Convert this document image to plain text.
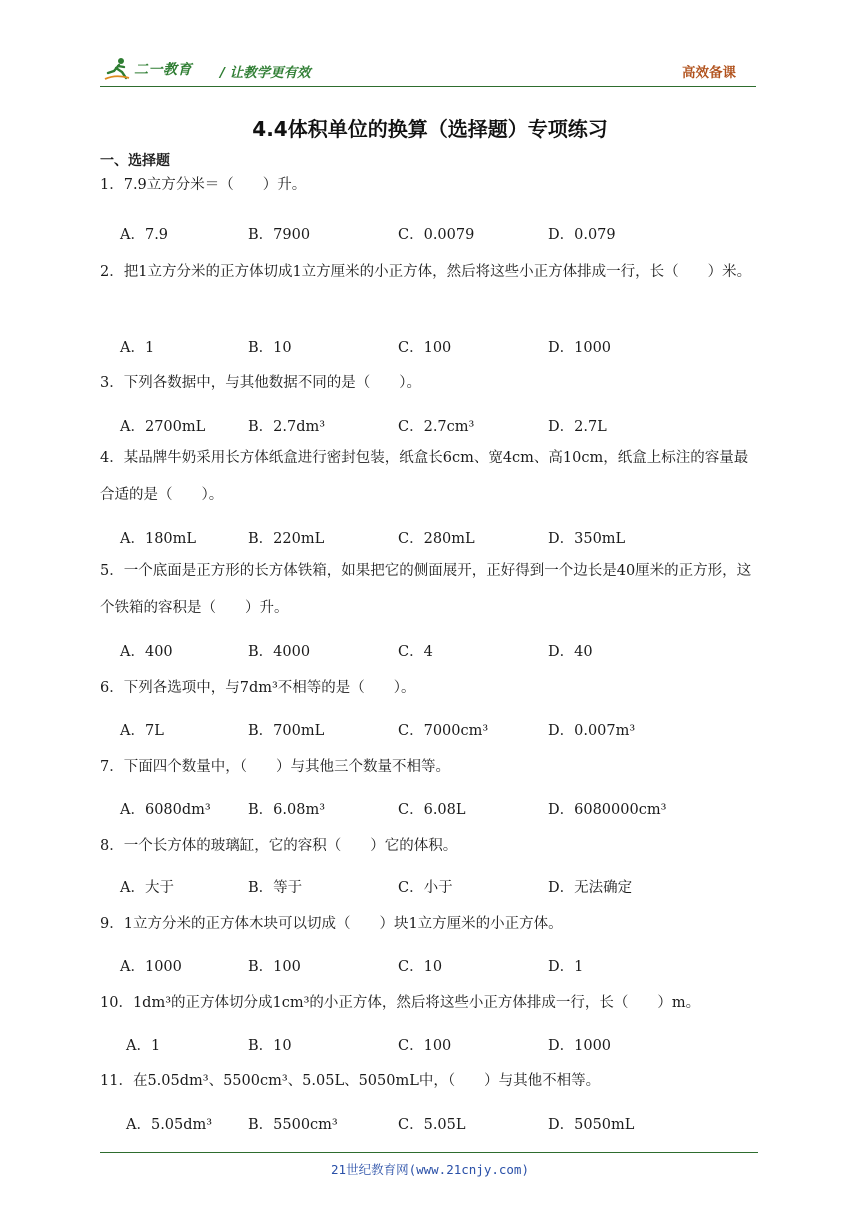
二一教育 / 让教学更有效	高效备课
4.4体积单位的换算（选择题）专项练习
一、选择题
1．7.9立方分米＝（　　）升。
A．7.9	B．7900	C．0.0079	D．0.079
2．把1立方分米的正方体切成1立方厘米的小正方体，然后将这些小正方体排成一行，长（　　）米。
A．1	B．10	C．100	D．1000
3．下列各数据中，与其他数据不同的是（　　）。
A．2700mL	B．2.7dm³	C．2.7cm³	D．2.7L
4．某品牌牛奶采用长方体纸盒进行密封包装，纸盒长6cm、宽4cm、高10cm，纸盒上标注的容量最合适的是（　　）。
A．180mL	B．220mL	C．280mL	D．350mL
5．一个底面是正方形的长方体铁箱，如果把它的侧面展开，正好得到一个边长是40厘米的正方形，这个铁箱的容积是（　　）升。
A．400	B．4000	C．4	D．40
6．下列各选项中，与7dm³不相等的是（　　）。
A．7L	B．700mL	C．7000cm³	D．0.007m³
7．下面四个数量中，（　　）与其他三个数量不相等。
A．6080dm³	B．6.08m³	C．6.08L	D．6080000cm³
8．一个长方体的玻璃缸，它的容积（　　）它的体积。
A．大于	B．等于	C．小于	D．无法确定
9．1立方分米的正方体木块可以切成（　　）块1立方厘米的小正方体。
A．1000	B．100	C．10	D．1
10．1dm³的正方体切分成1cm³的小正方体，然后将这些小正方体排成一行，长（　　）m。
A．1	B．10	C．100	D．1000
11．在5.05dm³、5500cm³、5.05L、5050mL中，（　　）与其他不相等。
A．5.05dm³ B．5500cm³	C．5.05L	D．5050mL
21世纪教育网(www.21cnjy.com)
